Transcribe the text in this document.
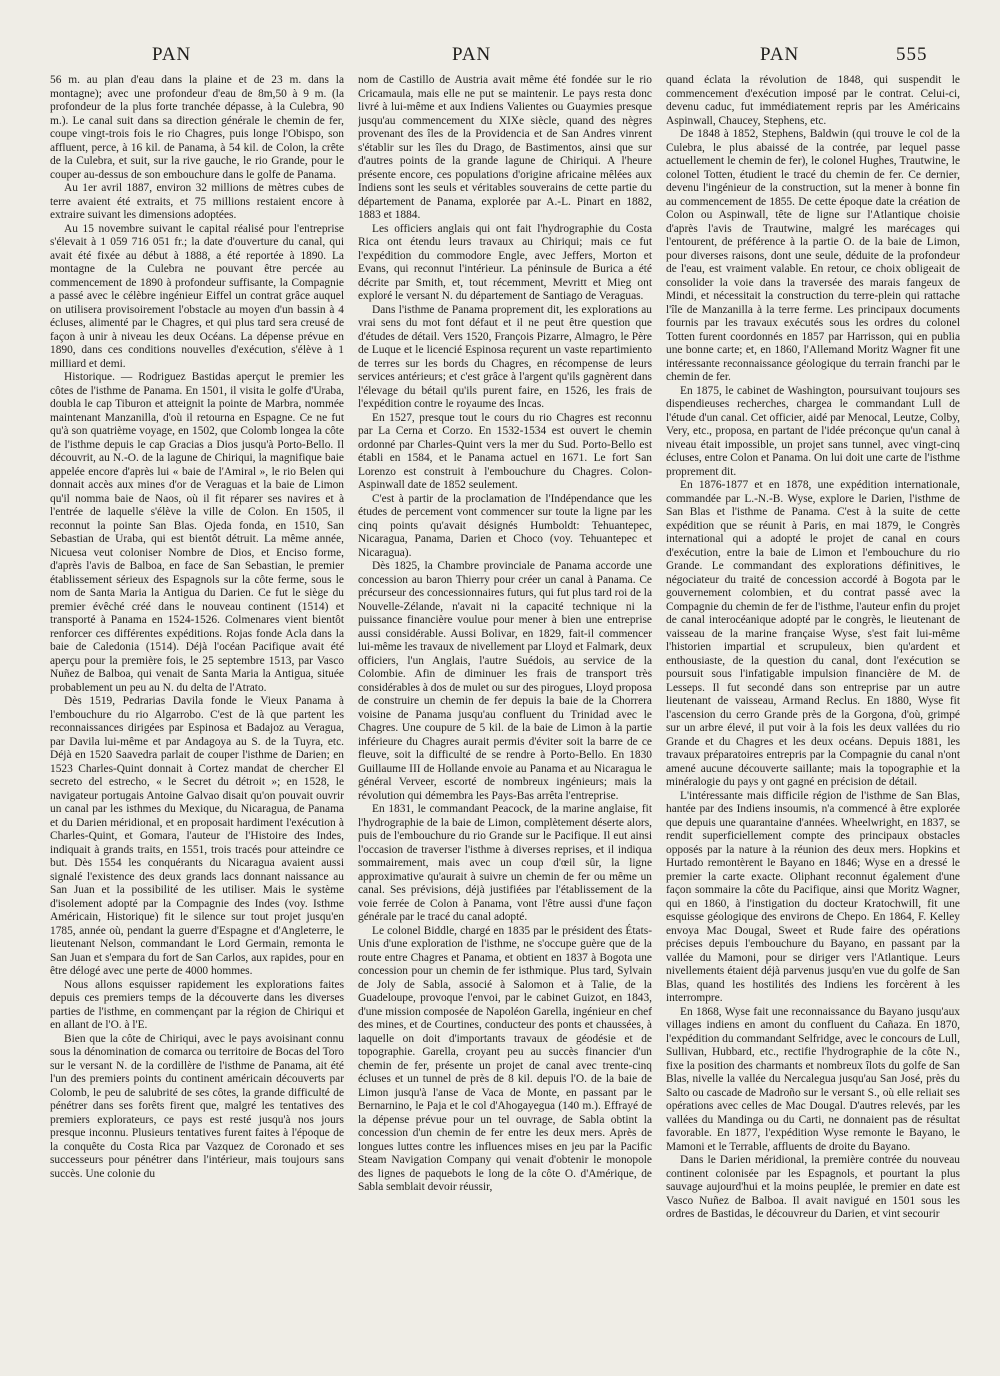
PAN	PAN	PAN	555

56 m. au plan d'eau dans la plaine et de 23 m. dans la montagne); avec une profondeur d'eau de 8m,50 à 9 m. (la profondeur de la plus forte tranchée dépasse, à la Culebra, 90 m.). Le canal suit dans sa direction générale le chemin de fer, coupe vingt-trois fois le rio Chagres, puis longe l'Obispo, son affluent, perce, à 16 kil. de Panama, à 54 kil. de Colon, la crête de la Culebra, et suit, sur la rive gauche, le rio Grande, pour le couper au-dessus de son embouchure dans le golfe de Panama.

Au 1er avril 1887, environ 32 millions de mètres cubes de terre avaient été extraits, et 75 millions restaient encore à extraire suivant les dimensions adoptées.

Au 15 novembre suivant le capital réalisé pour l'entreprise s'élevait à 1 059 716 051 fr.; la date d'ouverture du canal, qui avait été fixée au début à 1888, a été reportée à 1890. La montagne de la Culebra ne pouvant être percée au commencement de 1890 à profondeur suffisante, la Compagnie a passé avec le célèbre ingénieur Eiffel un contrat grâce auquel on utilisera provisoirement l'obstacle au moyen d'un bassin à 4 écluses, alimenté par le Chagres, et qui plus tard sera creusé de façon à unir à niveau les deux Océans. La dépense prévue en 1890, dans ces conditions nouvelles d'exécution, s'élève à 1 milliard et demi.

Historique. — Rodriguez Bastidas aperçut le premier les côtes de l'isthme de Panama. En 1501, il visita le golfe d'Uraba, doubla le cap Tiburon et atteignit la pointe de Marbra, nommée maintenant Manzanilla, d'où il retourna en Espagne. Ce ne fut qu'à son quatrième voyage, en 1502, que Colomb longea la côte de l'isthme depuis le cap Gracias a Dios jusqu'à Porto-Bello. Il découvrit, au N.-O. de la lagune de Chiriqui, la magnifique baie appelée encore d'après lui « baie de l'Amiral », le rio Belen qui donnait accès aux mines d'or de Veraguas et la baie de Limon qu'il nomma baie de Naos, où il fit réparer ses navires et à l'entrée de laquelle s'élève la ville de Colon. En 1505, il reconnut la pointe San Blas. Ojeda fonda, en 1510, San Sebastian de Uraba, qui est bientôt détruit. La même année, Nicuesa veut coloniser Nombre de Dios, et Enciso forme, d'après l'avis de Balboa, en face de San Sebastian, le premier établissement sérieux des Espagnols sur la côte ferme, sous le nom de Santa Maria la Antigua du Darien. Ce fut le siège du premier évêché créé dans le nouveau continent (1514) et transporté à Panama en 1524-1526. Colmenares vient bientôt renforcer ces différentes expéditions. Rojas fonde Acla dans la baie de Caledonia (1514). Déjà l'océan Pacifique avait été aperçu pour la première fois, le 25 septembre 1513, par Vasco Nuñez de Balboa, qui venait de Santa Maria la Antigua, située probablement un peu au N. du delta de l'Atrato.

Dès 1519, Pedrarias Davila fonde le Vieux Panama à l'embouchure du rio Algarrobo. C'est de là que partent les reconnaissances dirigées par Espinosa et Badajoz au Veragua, par Davila lui-même et par Andagoya au S. de la Tuyra, etc. Déjà en 1520 Saavedra parlait de couper l'isthme de Darien; en 1523 Charles-Quint donnait à Cortez mandat de chercher El secreto del estrecho, « le Secret du détroit »; en 1528, le navigateur portugais Antoine Galvao disait qu'on pouvait ouvrir un canal par les isthmes du Mexique, du Nicaragua, de Panama et du Darien méridional, et en proposait hardiment l'exécution à Charles-Quint, et Gomara, l'auteur de l'Histoire des Indes, indiquait à grands traits, en 1551, trois tracés pour atteindre ce but. Dès 1554 les conquérants du Nicaragua avaient aussi signalé l'existence des deux grands lacs donnant naissance au San Juan et la possibilité de les utiliser. Mais le système d'isolement adopté par la Compagnie des Indes (voy. Isthme Américain, Historique) fit le silence sur tout projet jusqu'en 1785, année où, pendant la guerre d'Espagne et d'Angleterre, le lieutenant Nelson, commandant le Lord Germain, remonta le San Juan et s'empara du fort de San Carlos, aux rapides, pour en être délogé avec une perte de 4000 hommes.

Nous allons esquisser rapidement les explorations faites depuis ces premiers temps de la découverte dans les diverses parties de l'isthme, en commençant par la région de Chiriqui et en allant de l'O. à l'E.

Bien que la côte de Chiriqui, avec le pays avoisinant connu sous la dénomination de comarca ou territoire de Bocas del Toro sur le versant N. de la cordillère de l'isthme de Panama, ait été l'un des premiers points du continent américain découverts par Colomb, le peu de salubrité de ses côtes, la grande difficulté de pénétrer dans ses forêts firent que, malgré les tentatives des premiers explorateurs, ce pays est resté jusqu'à nos jours presque inconnu. Plusieurs tentatives furent faites à l'époque de la conquête du Costa Rica par Vazquez de Coronado et ses successeurs pour pénétrer dans l'intérieur, mais toujours sans succès. Une colonie du

nom de Castillo de Austria avait même été fondée sur le rio Cricamaula, mais elle ne put se maintenir. Le pays resta donc livré à lui-même et aux Indiens Valientes ou Guaymies presque jusqu'au commencement du XIXe siècle, quand des nègres provenant des îles de la Providencia et de San Andres vinrent s'établir sur les îles du Drago, de Bastimentos, ainsi que sur d'autres points de la grande lagune de Chiriqui. A l'heure présente encore, ces populations d'origine africaine mêlées aux Indiens sont les seuls et véritables souverains de cette partie du département de Panama, explorée par A.-L. Pinart en 1882, 1883 et 1884.

Les officiers anglais qui ont fait l'hydrographie du Costa Rica ont étendu leurs travaux au Chiriqui; mais ce fut l'expédition du commodore Engle, avec Jeffers, Morton et Evans, qui reconnut l'intérieur. La péninsule de Burica a été décrite par Smith, et, tout récemment, Mevritt et Mieg ont exploré le versant N. du département de Santiago de Veraguas.

Dans l'isthme de Panama proprement dit, les explorations au vrai sens du mot font défaut et il ne peut être question que d'études de détail. Vers 1520, François Pizarre, Almagro, le Père de Luque et le licencié Espinosa reçurent un vaste repartimiento de terres sur les bords du Chagres, en récompense de leurs services antérieurs; et c'est grâce à l'argent qu'ils gagnèrent dans l'élevage du bétail qu'ils purent faire, en 1526, les frais de l'expédition contre le royaume des Incas.

En 1527, presque tout le cours du rio Chagres est reconnu par La Cerna et Corzo. En 1532-1534 est ouvert le chemin ordonné par Charles-Quint vers la mer du Sud. Porto-Bello est établi en 1584, et le Panama actuel en 1671. Le fort San Lorenzo est construit à l'embouchure du Chagres. Colon-Aspinwall date de 1852 seulement.

C'est à partir de la proclamation de l'Indépendance que les études de percement vont commencer sur toute la ligne par les cinq points qu'avait désignés Humboldt: Tehuantepec, Nicaragua, Panama, Darien et Choco (voy. Tehuantepec et Nicaragua).

Dès 1825, la Chambre provinciale de Panama accorde une concession au baron Thierry pour créer un canal à Panama. Ce précurseur des concessionnaires futurs, qui fut plus tard roi de la Nouvelle-Zélande, n'avait ni la capacité technique ni la puissance financière voulue pour mener à bien une entreprise aussi considérable. Aussi Bolivar, en 1829, fait-il commencer lui-même les travaux de nivellement par Lloyd et Falmark, deux officiers, l'un Anglais, l'autre Suédois, au service de la Colombie. Afin de diminuer les frais de transport très considérables à dos de mulet ou sur des pirogues, Lloyd proposa de construire un chemin de fer depuis la baie de la Chorrera voisine de Panama jusqu'au confluent du Trinidad avec le Chagres. Une coupure de 5 kil. de la baie de Limon à la partie inférieure du Chagres aurait permis d'éviter soit la barre de ce fleuve, soit la difficulté de se rendre à Porto-Bello. En 1830 Guillaume III de Hollande envoie au Panama et au Nicaragua le général Verveer, escorté de nombreux ingénieurs; mais la révolution qui démembra les Pays-Bas arrêta l'entreprise.

En 1831, le commandant Peacock, de la marine anglaise, fit l'hydrographie de la baie de Limon, complètement déserte alors, puis de l'embouchure du rio Grande sur le Pacifique. Il eut ainsi l'occasion de traverser l'isthme à diverses reprises, et il indiqua sommairement, mais avec un coup d'œil sûr, la ligne approximative qu'aurait à suivre un chemin de fer ou même un canal. Ses prévisions, déjà justifiées par l'établissement de la voie ferrée de Colon à Panama, vont l'être aussi d'une façon générale par le tracé du canal adopté.

Le colonel Biddle, chargé en 1835 par le président des États-Unis d'une exploration de l'isthme, ne s'occupe guère que de la route entre Chagres et Panama, et obtient en 1837 à Bogota une concession pour un chemin de fer isthmique. Plus tard, Sylvain de Joly de Sabla, associé à Salomon et à Talie, de la Guadeloupe, provoque l'envoi, par le cabinet Guizot, en 1843, d'une mission composée de Napoléon Garella, ingénieur en chef des mines, et de Courtines, conducteur des ponts et chaussées, à laquelle on doit d'importants travaux de géodésie et de topographie. Garella, croyant peu au succès financier d'un chemin de fer, présente un projet de canal avec trente-cinq écluses et un tunnel de près de 8 kil. depuis l'O. de la baie de Limon jusqu'à l'anse de Vaca de Monte, en passant par le Bernarnino, le Paja et le col d'Ahogayegua (140 m.). Effrayé de la dépense prévue pour un tel ouvrage, de Sabla obtint la concession d'un chemin de fer entre les deux mers. Après de longues luttes contre les influences mises en jeu par la Pacific Steam Navigation Company qui venait d'obtenir le monopole des lignes de paquebots le long de la côte O. d'Amérique, de Sabla semblait devoir réussir,

quand éclata la révolution de 1848, qui suspendit le commencement d'exécution imposé par le contrat. Celui-ci, devenu caduc, fut immédiatement repris par les Américains Aspinwall, Chaucey, Stephens, etc.

De 1848 à 1852, Stephens, Baldwin (qui trouve le col de la Culebra, le plus abaissé de la contrée, par lequel passe actuellement le chemin de fer), le colonel Hughes, Trautwine, le colonel Totten, étudient le tracé du chemin de fer. Ce dernier, devenu l'ingénieur de la construction, sut la mener à bonne fin au commencement de 1855. De cette époque date la création de Colon ou Aspinwall, tête de ligne sur l'Atlantique choisie d'après l'avis de Trautwine, malgré les marécages qui l'entourent, de préférence à la partie O. de la baie de Limon, pour diverses raisons, dont une seule, déduite de la profondeur de l'eau, est vraiment valable. En retour, ce choix obligeait de consolider la voie dans la traversée des marais fangeux de Mindi, et nécessitait la construction du terre-plein qui rattache l'île de Manzanilla à la terre ferme. Les principaux documents fournis par les travaux exécutés sous les ordres du colonel Totten furent coordonnés en 1857 par Harrisson, qui en publia une bonne carte; et, en 1860, l'Allemand Moritz Wagner fit une intéressante reconnaissance géologique du terrain franchi par le chemin de fer.

En 1875, le cabinet de Washington, poursuivant toujours ses dispendieuses recherches, chargea le commandant Lull de l'étude d'un canal. Cet officier, aidé par Menocal, Leutze, Colby, Very, etc., proposa, en partant de l'idée préconçue qu'un canal à niveau était impossible, un projet sans tunnel, avec vingt-cinq écluses, entre Colon et Panama. On lui doit une carte de l'isthme proprement dit.

En 1876-1877 et en 1878, une expédition internationale, commandée par L.-N.-B. Wyse, explore le Darien, l'isthme de San Blas et l'isthme de Panama. C'est à la suite de cette expédition que se réunit à Paris, en mai 1879, le Congrès international qui a adopté le projet de canal en cours d'exécution, entre la baie de Limon et l'embouchure du rio Grande. Le commandant des explorations définitives, le négociateur du traité de concession accordé à Bogota par le gouvernement colombien, et du contrat passé avec la Compagnie du chemin de fer de l'isthme, l'auteur enfin du projet de canal interocéanique adopté par le congrès, le lieutenant de vaisseau de la marine française Wyse, s'est fait lui-même l'historien impartial et scrupuleux, bien qu'ardent et enthousiaste, de la question du canal, dont l'exécution se poursuit sous l'infatigable impulsion financière de M. de Lesseps. Il fut secondé dans son entreprise par un autre lieutenant de vaisseau, Armand Reclus. En 1880, Wyse fit l'ascension du cerro Grande près de la Gorgona, d'où, grimpé sur un arbre élevé, il put voir à la fois les deux vallées du rio Grande et du Chagres et les deux océans. Depuis 1881, les travaux préparatoires entrepris par la Compagnie du canal n'ont amené aucune découverte saillante; mais la topographie et la minéralogie du pays y ont gagné en précision de détail.

L'intéressante mais difficile région de l'isthme de San Blas, hantée par des Indiens insoumis, n'a commencé à être explorée que depuis une quarantaine d'années. Wheelwright, en 1837, se rendit superficiellement compte des principaux obstacles opposés par la nature à la réunion des deux mers. Hopkins et Hurtado remontèrent le Bayano en 1846; Wyse en a dressé le premier la carte exacte. Oliphant reconnut également d'une façon sommaire la côte du Pacifique, ainsi que Moritz Wagner, qui en 1860, à l'instigation du docteur Kratochwill, fit une esquisse géologique des environs de Chepo. En 1864, F. Kelley envoya Mac Dougal, Sweet et Rude faire des opérations précises depuis l'embouchure du Bayano, en passant par la vallée du Mamoni, pour se diriger vers l'Atlantique. Leurs nivellements étaient déjà parvenus jusqu'en vue du golfe de San Blas, quand les hostilités des Indiens les forcèrent à les interrompre.

En 1868, Wyse fait une reconnaissance du Bayano jusqu'aux villages indiens en amont du confluent du Cañaza. En 1870, l'expédition du commandant Selfridge, avec le concours de Lull, Sullivan, Hubbard, etc., rectifie l'hydrographie de la côte N., fixe la position des charmants et nombreux îlots du golfe de San Blas, nivelle la vallée du Nercalegua jusqu'au San José, près du Salto ou cascade de Madroño sur le versant S., où elle reliait ses opérations avec celles de Mac Dougal. D'autres relevés, par les vallées du Mandinga ou du Carti, ne donnaient pas de résultat favorable. En 1877, l'expédition Wyse remonte le Bayano, le Mamoni et le Terrable, affluents de droite du Bayano.

Dans le Darien méridional, la première contrée du nouveau continent colonisée par les Espagnols, et pourtant la plus sauvage aujourd'hui et la moins peuplée, le premier en date est Vasco Nuñez de Balboa. Il avait navigué en 1501 sous les ordres de Bastidas, le découvreur du Darien, et vint secourir
